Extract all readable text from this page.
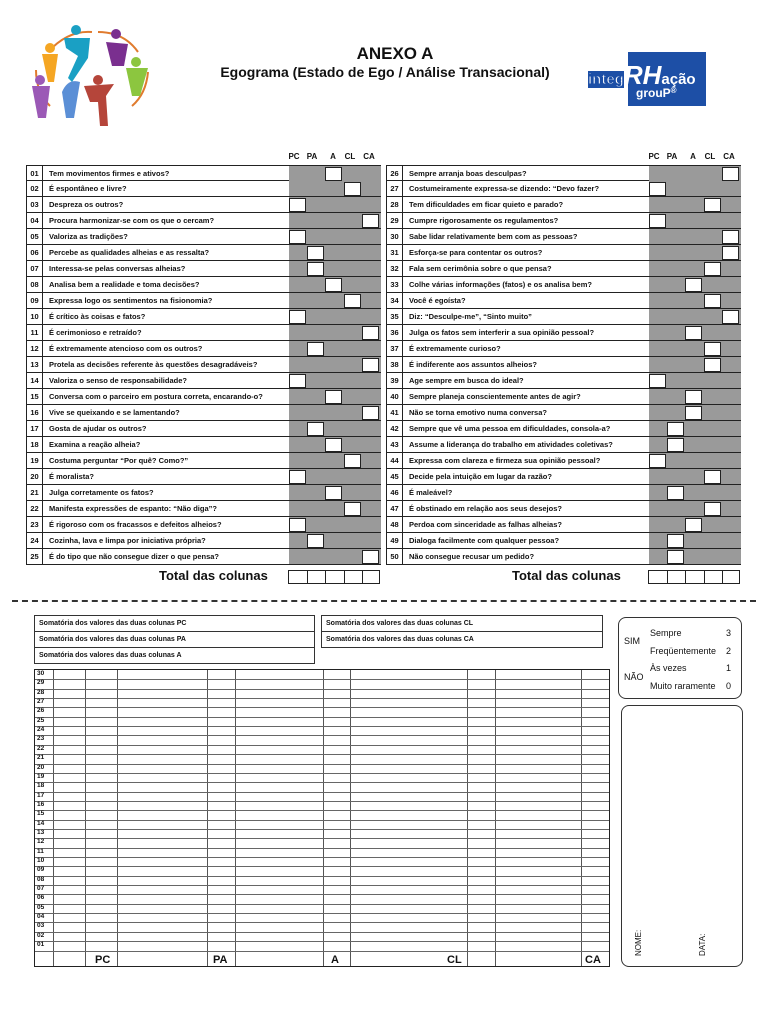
ANEXO A
Egograma (Estado de Ego / Análise Transacional)	integRHação
grouP®
PC PA	A	CL CA
01	Tem movimentos firmes e ativos?
02	É espontâneo e livre?
03	Despreza os outros?
04	Procura harmonizar-se com os que o cercam?
05	Valoriza as tradições?
06	Percebe as qualidades alheias e as ressalta?
07	Interessa-se pelas conversas alheias?
08	Analisa bem a realidade e toma decisões?
09	Expressa logo os sentimentos na fisionomia?
10	É crítico às coisas e fatos?
11	É cerimonioso e retraído?
12	É extremamente atencioso com os outros?
13	Protela as decisões referente às questões desagradáveis?
14	Valoriza o senso de responsabilidade?
15	Conversa com o parceiro em postura correta, encarando-o?
16	Vive se queixando e se lamentando?
17	Gosta de ajudar os outros?
18	Examina a reação alheia?
19	Costuma perguntar “Por quê? Como?”
20	É moralista?
21	Julga corretamente os fatos?
22	Manifesta expressões de espanto: “Não diga”?
23	É rigoroso com os fracassos e defeitos alheios?
24	Cozinha, lava e limpa por iniciativa própria?
25	É do tipo que não consegue dizer o que pensa?
Total das colunas
PC PA	A	CL CA
26	Sempre arranja boas desculpas?
27	Costumeiramente expressa-se dizendo: “Devo fazer?
28	Tem dificuldades em ficar quieto e parado?
29	Cumpre rigorosamente os regulamentos?
30	Sabe lidar relativamente bem com as pessoas?
31	Esforça-se para contentar os outros?
32	Fala sem cerimônia sobre o que pensa?
33	Colhe várias informações (fatos) e os analisa bem?
34	Você é egoísta?
35	Diz: “Desculpe-me”, “Sinto muito”
36	Julga os fatos sem interferir a sua opinião pessoal?
37	É extremamente curioso?
38	É indiferente aos assuntos alheios?
39	Age sempre em busca do ideal?
40	Sempre planeja conscientemente antes de agir?
41	Não se torna emotivo numa conversa?
42	Sempre que vê uma pessoa em dificuldades, consola-a?
43	Assume a liderança do trabalho em atividades coletivas?
44	Expressa com clareza e firmeza sua opinião pessoal?
45	Decide pela intuição em lugar da razão?
46	É maleável?
47	É obstinado em relação aos seus desejos?
48	Perdoa com sinceridade as falhas alheias?
49	Dialoga facilmente com qualquer pessoa?
50	Não consegue recusar um pedido?
Total das colunas
Somatória dos valores das duas colunas PC
Somatória dos valores das duas colunas PA
Somatória dos valores das duas colunas A
Somatória dos valores das duas colunas CL
Somatória dos valores das duas colunas CA	SIM
NÃO
Sempre	3
Freqüentemente 2
Às vezes	1
Muito raramente 0
NOME:	DATA:
30
29
28
27
26
25
24
23
22
21
20
19
18
17
16
15
14
13
12
11
10
09
08
07
06
05
04
03
02
01
PC	PA	A	CL	CA
